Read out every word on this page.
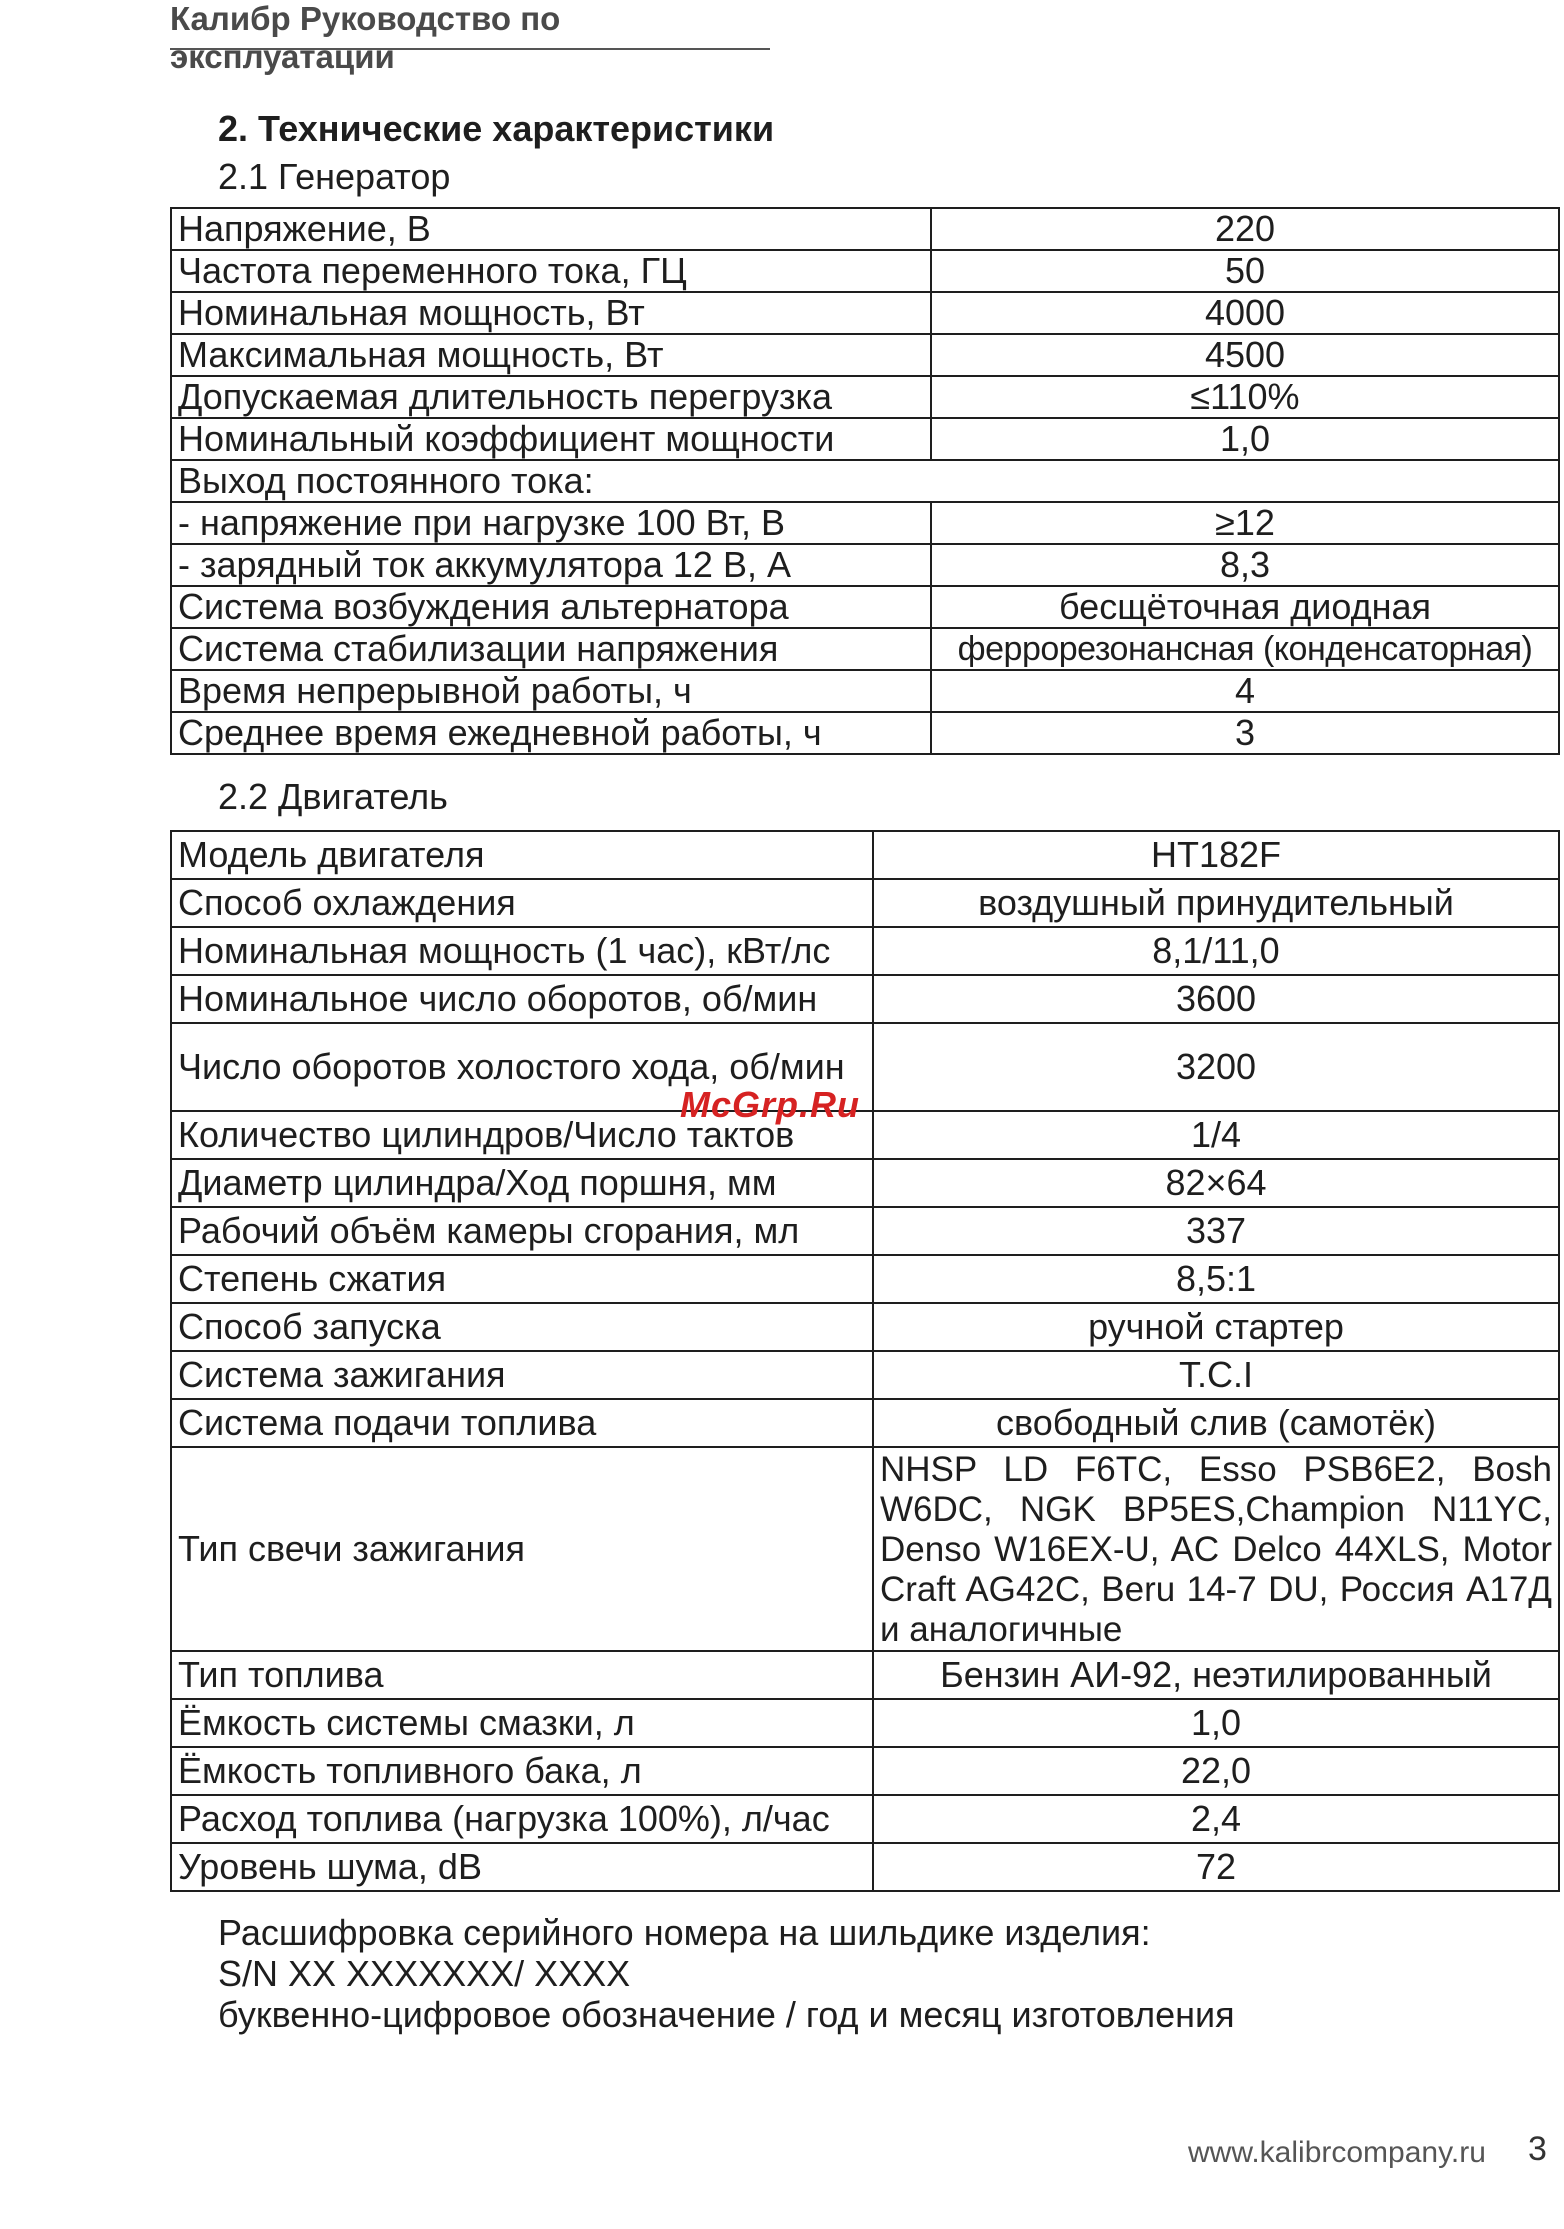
Калибр Руководство по эксплуатации
2. Технические характеристики
2.1 Генератор
Напряжение, В	220
Частота переменного тока, ГЦ	50
Номинальная мощность, Вт	4000
Максимальная мощность, Вт	4500
Допускаемая длительность перегрузка	≤110%
Номинальный коэффициент мощности	1,0
Выход постоянного тока:	
- напряжение при нагрузке 100 Вт, В	≥12
- зарядный ток аккумулятора 12 В, А	8,3
Система возбуждения альтернатора	бесщёточная диодная
Система стабилизации напряжения	феррорезонансная (конденсаторная)
Время непрерывной работы, ч	4
Среднее время ежедневной работы, ч	3
2.2 Двигатель
Модель двигателя	HT182F
Способ охлаждения	воздушный принудительный
Номинальная мощность (1 час), кВт/лс	8,1/11,0
Номинальное число оборотов, об/мин	3600
Число оборотов холостого хода, об/мин	3200
Количество цилиндров/Число тактов	1/4
Диаметр цилиндра/Ход поршня, мм	82×64
Рабочий объём камеры сгорания, мл	337
Степень сжатия	8,5:1
Способ запуска	ручной стартер
Система зажигания	T.C.I
Система подачи топлива	свободный слив (самотёк)
Тип свечи зажигания	NHSP LD F6TC, Esso PSB6E2, Bosh W6DC, NGK BP5ES,Champion N11YC, Denso W16EX-U, AC Delco 44XLS, Motor Craft AG42C, Beru 14-7 DU, Россия А17Д и аналогичные
Тип топлива	Бензин АИ-92, неэтилированный
Ёмкость системы смазки, л	1,0
Ёмкость топливного бака, л	22,0
Расход топлива (нагрузка 100%), л/час	2,4
Уровень шума, dB	72
McGrp.Ru
Расшифровка серийного номера на шильдике изделия:
S/N XX XXXXXXX/ XXXX
буквенно-цифровое обозначение / год и месяц изготовления
www.kalibrcompany.ru 3
